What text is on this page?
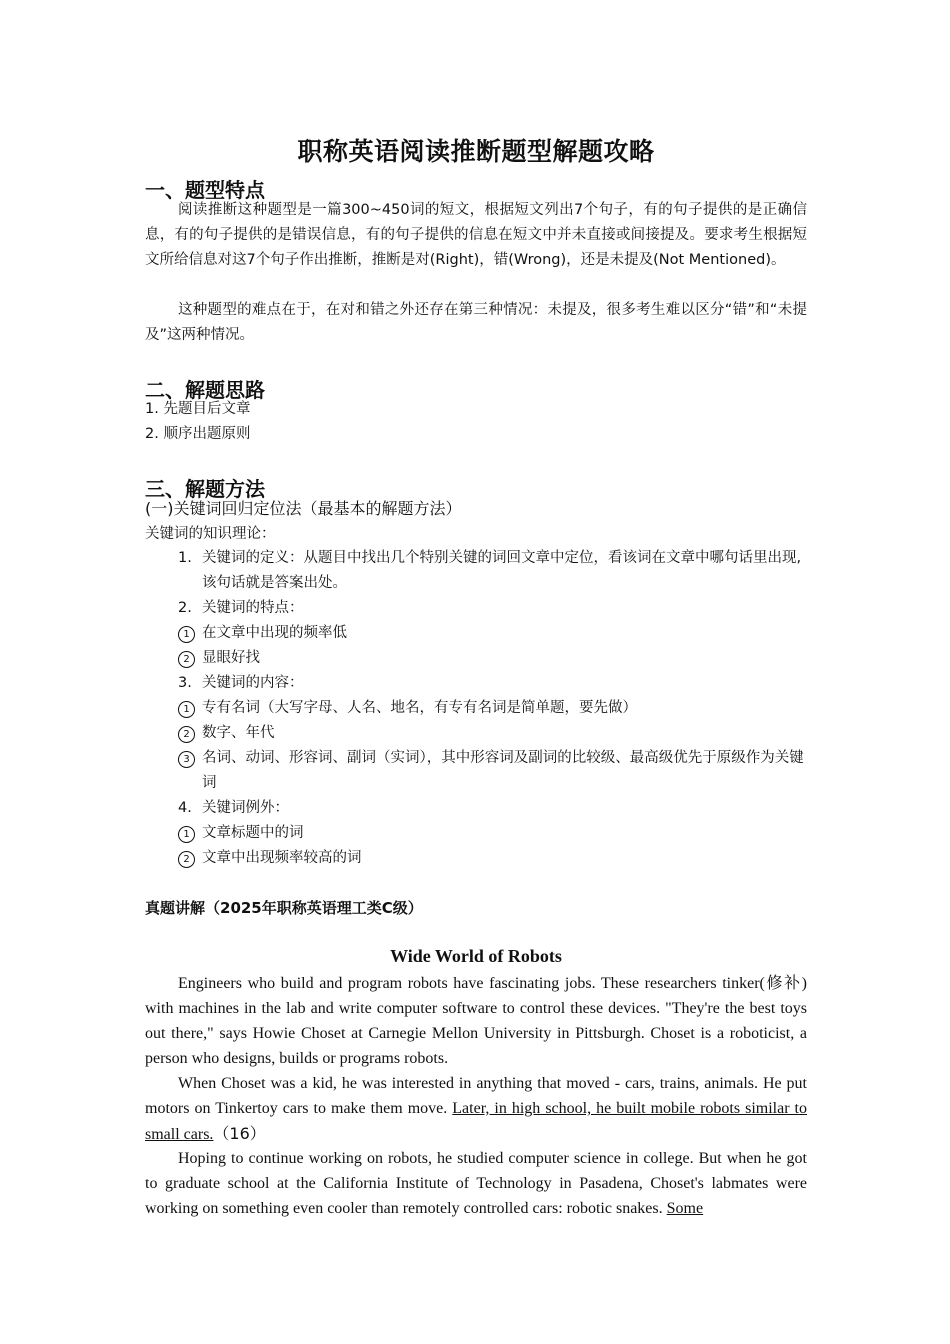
职称英语阅读推断题型解题攻略
一、题型特点
阅读推断这种题型是一篇300~450词的短文，根据短文列出7个句子，有的句子提供的是正确信息，有的句子提供的是错误信息，有的句子提供的信息在短文中并未直接或间接提及。要求考生根据短文所给信息对这7个句子作出推断，推断是对(Right)，错(Wrong)，还是未提及(Not Mentioned)。
这种题型的难点在于，在对和错之外还存在第三种情况：未提及，很多考生难以区分“错”和“未提及”这两种情况。
二、解题思路
1. 先题目后文章
2. 顺序出题原则
三、解题方法
(一)关键词回归定位法（最基本的解题方法）
关键词的知识理论：
1. 关键词的定义：从题目中找出几个特别关键的词回文章中定位，看该词在文章中哪句话里出现,该句话就是答案出处。
2. 关键词的特点：
1 在文章中出现的频率低
2 显眼好找
3. 关键词的内容：
1 专有名词（大写字母、人名、地名，有专有名词是简单题，要先做）
2 数字、年代
3 名词、动词、形容词、副词（实词），其中形容词及副词的比较级、最高级优先于原级作为关键词
4. 关键词例外：
1 文章标题中的词
2 文章中出现频率较高的词
真题讲解（2025年职称英语理工类C级）
Wide World of Robots
Engineers who build and program robots have fascinating jobs. These researchers tinker(修补) with machines in the lab and write computer software to control these devices. "They're the best toys out there," says Howie Choset at Carnegie Mellon University in Pittsburgh. Choset is a roboticist, a person who designs, builds or programs robots.
When Choset was a kid, he was interested in anything that moved - cars, trains, animals. He put motors on Tinkertoy cars to make them move. Later, in high school, he built mobile robots similar to small cars.（16）
Hoping to continue working on robots, he studied computer science in college. But when he got to graduate school at the California Institute of Technology in Pasadena, Choset's labmates were working on something even cooler than remotely controlled cars: robotic snakes. Some
